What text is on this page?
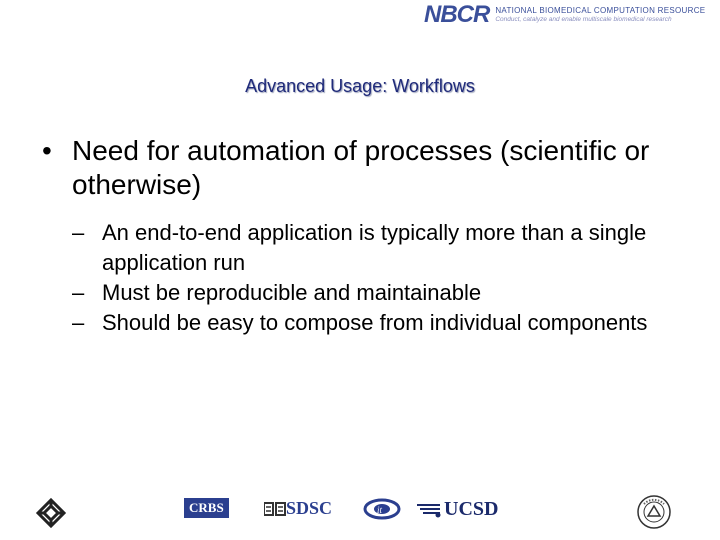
NBCR NATIONAL BIOMEDICAL COMPUTATION RESOURCE
Conduct, catalyze and enable multiscale biomedical research
Advanced Usage: Workflows
• Need for automation of processes (scientific or otherwise)
– An end-to-end application is typically more than a single application run
– Must be reproducible and maintainable
– Should be easy to compose from individual components
CRBS	SDSC	it	UCSD
